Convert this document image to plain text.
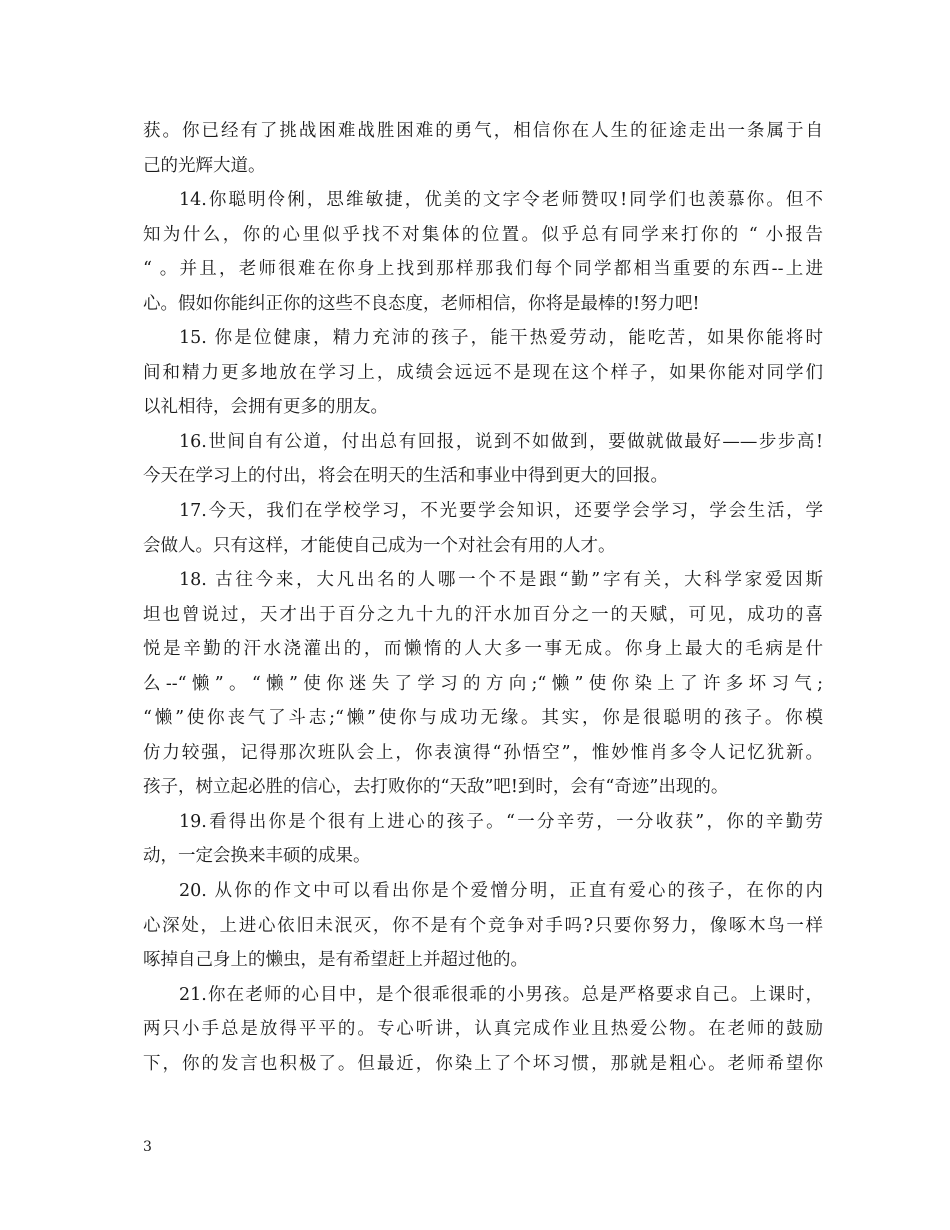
获。你已经有了挑战困难战胜困难的勇气，相信你在人生的征途走出一条属于自
己的光辉大道。
14.你聪明伶俐，思维敏捷，优美的文字令老师赞叹!同学们也羡慕你。但不
知为什么，你的心里似乎找不对集体的位置。似乎总有同学来打你的 “ 小报告
“ 。并且，老师很难在你身上找到那样那我们每个同学都相当重要的东西--上进
心。假如你能纠正你的这些不良态度，老师相信，你将是最棒的!努力吧!
15. 你是位健康，精力充沛的孩子，能干热爱劳动，能吃苦，如果你能将时
间和精力更多地放在学习上，成绩会远远不是现在这个样子，如果你能对同学们
以礼相待，会拥有更多的朋友。
16.世间自有公道，付出总有回报，说到不如做到，要做就做最好——步步高!
今天在学习上的付出，将会在明天的生活和事业中得到更大的回报。
17.今天，我们在学校学习，不光要学会知识，还要学会学习，学会生活，学
会做人。只有这样，才能使自己成为一个对社会有用的人才。
18. 古往今来，大凡出名的人哪一个不是跟“勤”字有关，大科学家爱因斯
坦也曾说过，天才出于百分之九十九的汗水加百分之一的天赋，可见，成功的喜
悦是辛勤的汗水浇灌出的，而懒惰的人大多一事无成。你身上最大的毛病是什
么--“懒”。“懒”使你迷失了学习的方向;“懒”使你染上了许多坏习气;
“懒”使你丧气了斗志;“懒”使你与成功无缘。其实，你是很聪明的孩子。你模
仿力较强，记得那次班队会上，你表演得“孙悟空”，惟妙惟肖多令人记忆犹新。
孩子，树立起必胜的信心，去打败你的“天敌”吧!到时，会有“奇迹”出现的。
19.看得出你是个很有上进心的孩子。“一分辛劳，一分收获”，你的辛勤劳
动，一定会换来丰硕的成果。
20. 从你的作文中可以看出你是个爱憎分明，正直有爱心的孩子，在你的内
心深处，上进心依旧未泯灭，你不是有个竞争对手吗?只要你努力，像啄木鸟一样
啄掉自己身上的懒虫，是有希望赶上并超过他的。
21.你在老师的心目中，是个很乖很乖的小男孩。总是严格要求自己。上课时，
两只小手总是放得平平的。专心听讲，认真完成作业且热爱公物。在老师的鼓励
下，你的发言也积极了。但最近，你染上了个坏习惯，那就是粗心。老师希望你
3
